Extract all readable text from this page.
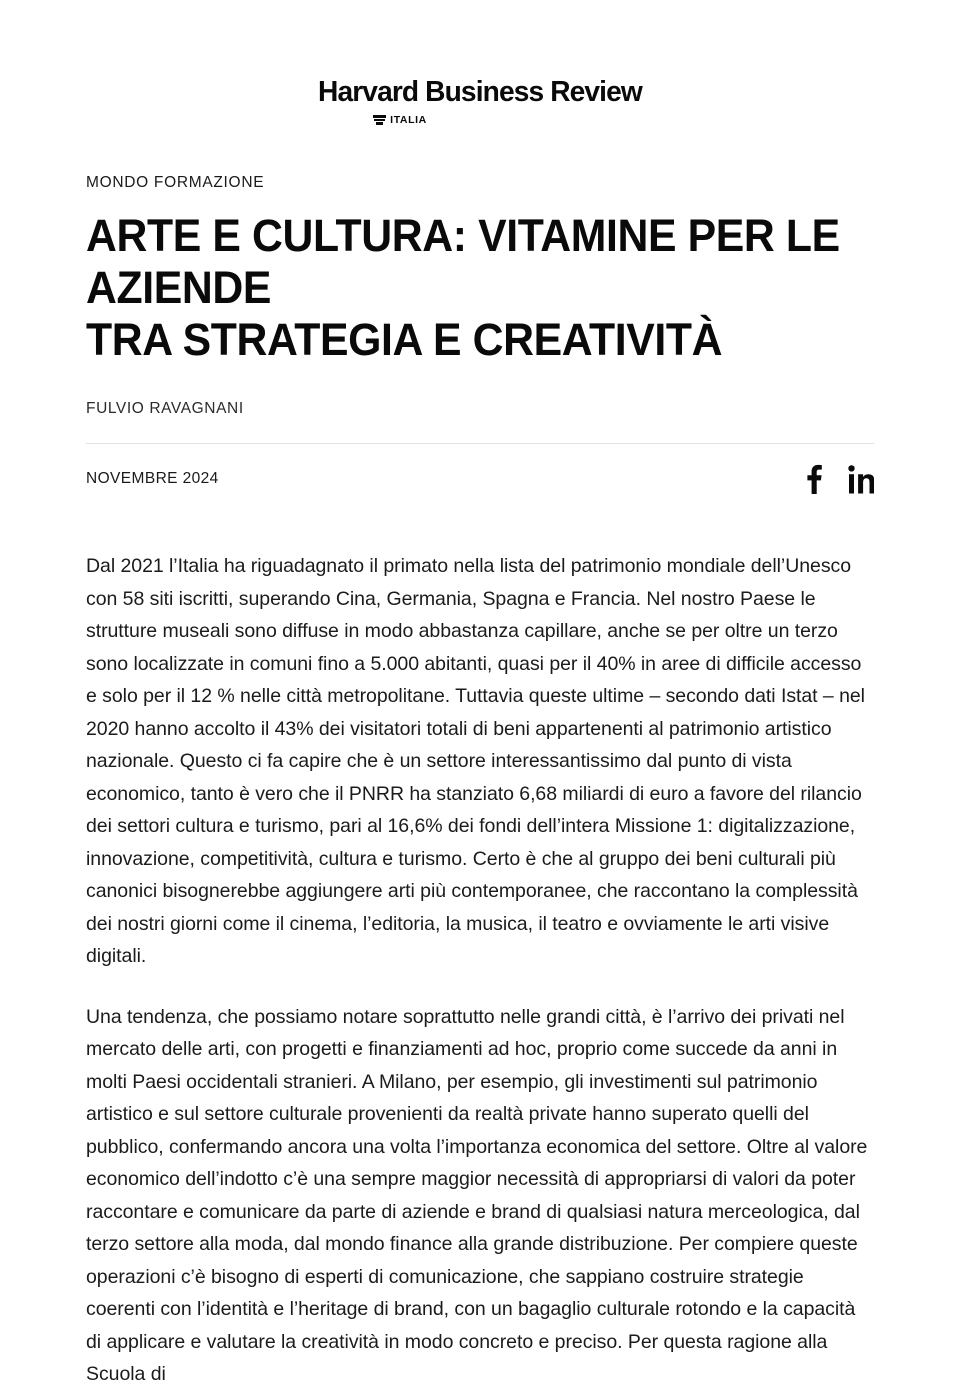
Harvard Business Review
ITALIA
MONDO FORMAZIONE
ARTE E CULTURA: VITAMINE PER LE
AZIENDE
TRA STRATEGIA E CREATIVITÀ
FULVIO RAVAGNANI
NOVEMBRE 2024

Dal 2021 l’Italia ha riguadagnato il primato nella lista del patrimonio mondiale dell’Unesco con 58 siti iscritti, superando Cina, Germania, Spagna e Francia. Nel nostro Paese le strutture museali sono diffuse in modo abbastanza capillare, anche se per oltre un terzo sono localizzate in comuni fino a 5.000 abitanti, quasi per il 40% in aree di difficile accesso e solo per il 12 % nelle città metropolitane. Tuttavia queste ultime – secondo dati Istat – nel 2020 hanno accolto il 43% dei visitatori totali di beni appartenenti al patrimonio artistico nazionale. Questo ci fa capire che è un settore interessantissimo dal punto di vista economico, tanto è vero che il PNRR ha stanziato 6,68 miliardi di euro a favore del rilancio dei settori cultura e turismo, pari al 16,6% dei fondi dell’intera Missione 1: digitalizzazione, innovazione, competitività, cultura e turismo. Certo è che al gruppo dei beni culturali più canonici bisognerebbe aggiungere arti più contemporanee, che raccontano la complessità dei nostri giorni come il cinema, l’editoria, la musica, il teatro e ovviamente le arti visive digitali.

Una tendenza, che possiamo notare soprattutto nelle grandi città, è l’arrivo dei privati nel mercato delle arti, con progetti e finanziamenti ad hoc, proprio come succede da anni in molti Paesi occidentali stranieri. A Milano, per esempio, gli investimenti sul patrimonio artistico e sul settore culturale provenienti da realtà private hanno superato quelli del pubblico, confermando ancora una volta l’importanza economica del settore. Oltre al valore economico dell’indotto c’è una sempre maggior necessità di appropriarsi di valori da poter raccontare e comunicare da parte di aziende e brand di qualsiasi natura merceologica, dal terzo settore alla moda, dal mondo finance alla grande distribuzione. Per compiere queste operazioni c’è bisogno di esperti di comunicazione, che sappiano costruire strategie coerenti con l’identità e l’heritage di brand, con un bagaglio culturale rotondo e la capacità di applicare e valutare la creatività in modo concreto e preciso. Per questa ragione alla Scuola di
